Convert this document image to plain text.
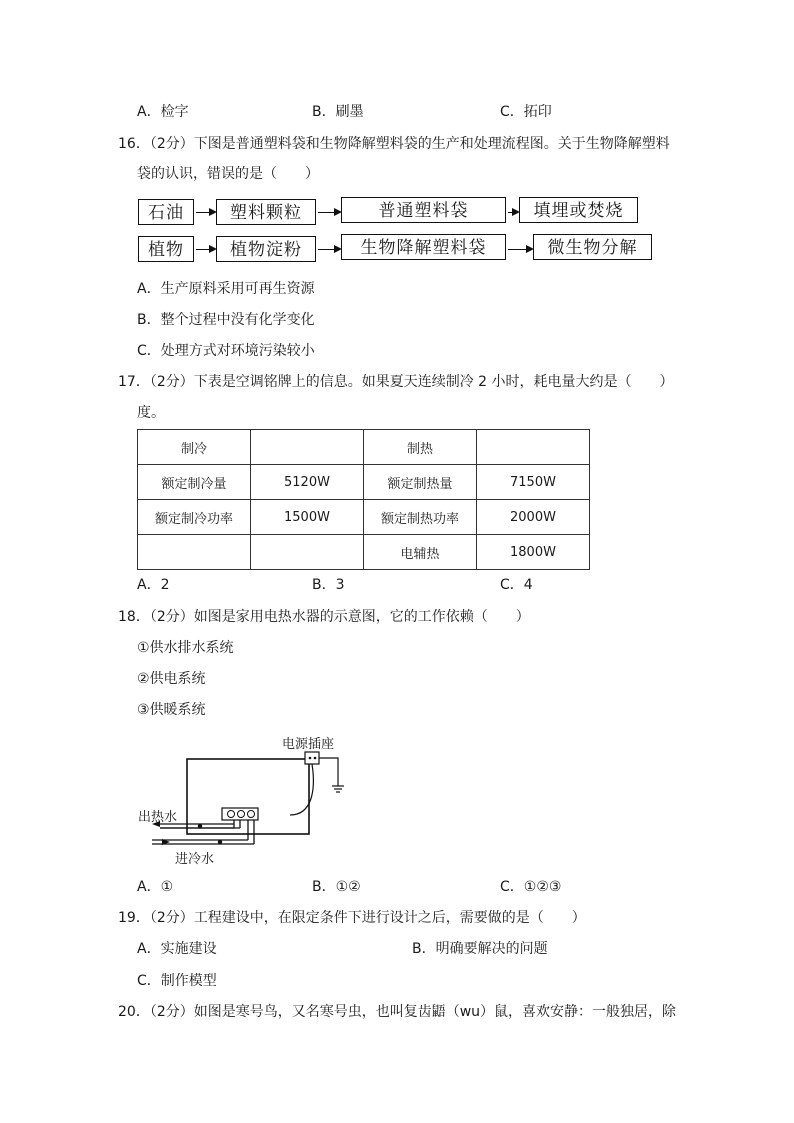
A．检字	B．刷墨	C．拓印
16．（2分）下图是普通塑料袋和生物降解塑料袋的生产和处理流程图。关于生物降解塑料
袋的认识，错误的是（　　）
石油	塑料颗粒	普通塑料袋	填埋或焚烧
植物	植物淀粉	生物降解塑料袋	微生物分解
A．生产原料采用可再生资源
B．整个过程中没有化学变化
C．处理方式对环境污染较小
17．（2分）下表是空调铭牌上的信息。如果夏天连续制冷 2 小时，耗电量大约是（　　）
度。
制冷		制热	
额定制冷量	5120W	额定制热量	7150W
额定制冷功率	1500W	额定制热功率	2000W
		电辅热	1800W
A．2	B．3	C．4
18．（2分）如图是家用电热水器的示意图，它的工作依赖（　　）
①供水排水系统
②供电系统
③供暖系统
电源插座
出热水
进冷水
A．①	B．①②	C．①②③
19．（2分）工程建设中，在限定条件下进行设计之后，需要做的是（　　）
A．实施建设	B．明确要解决的问题
C．制作模型
20．（2分）如图是寒号鸟，又名寒号虫，也叫复齿鼯（wu）鼠，喜欢安静：一般独居，除
